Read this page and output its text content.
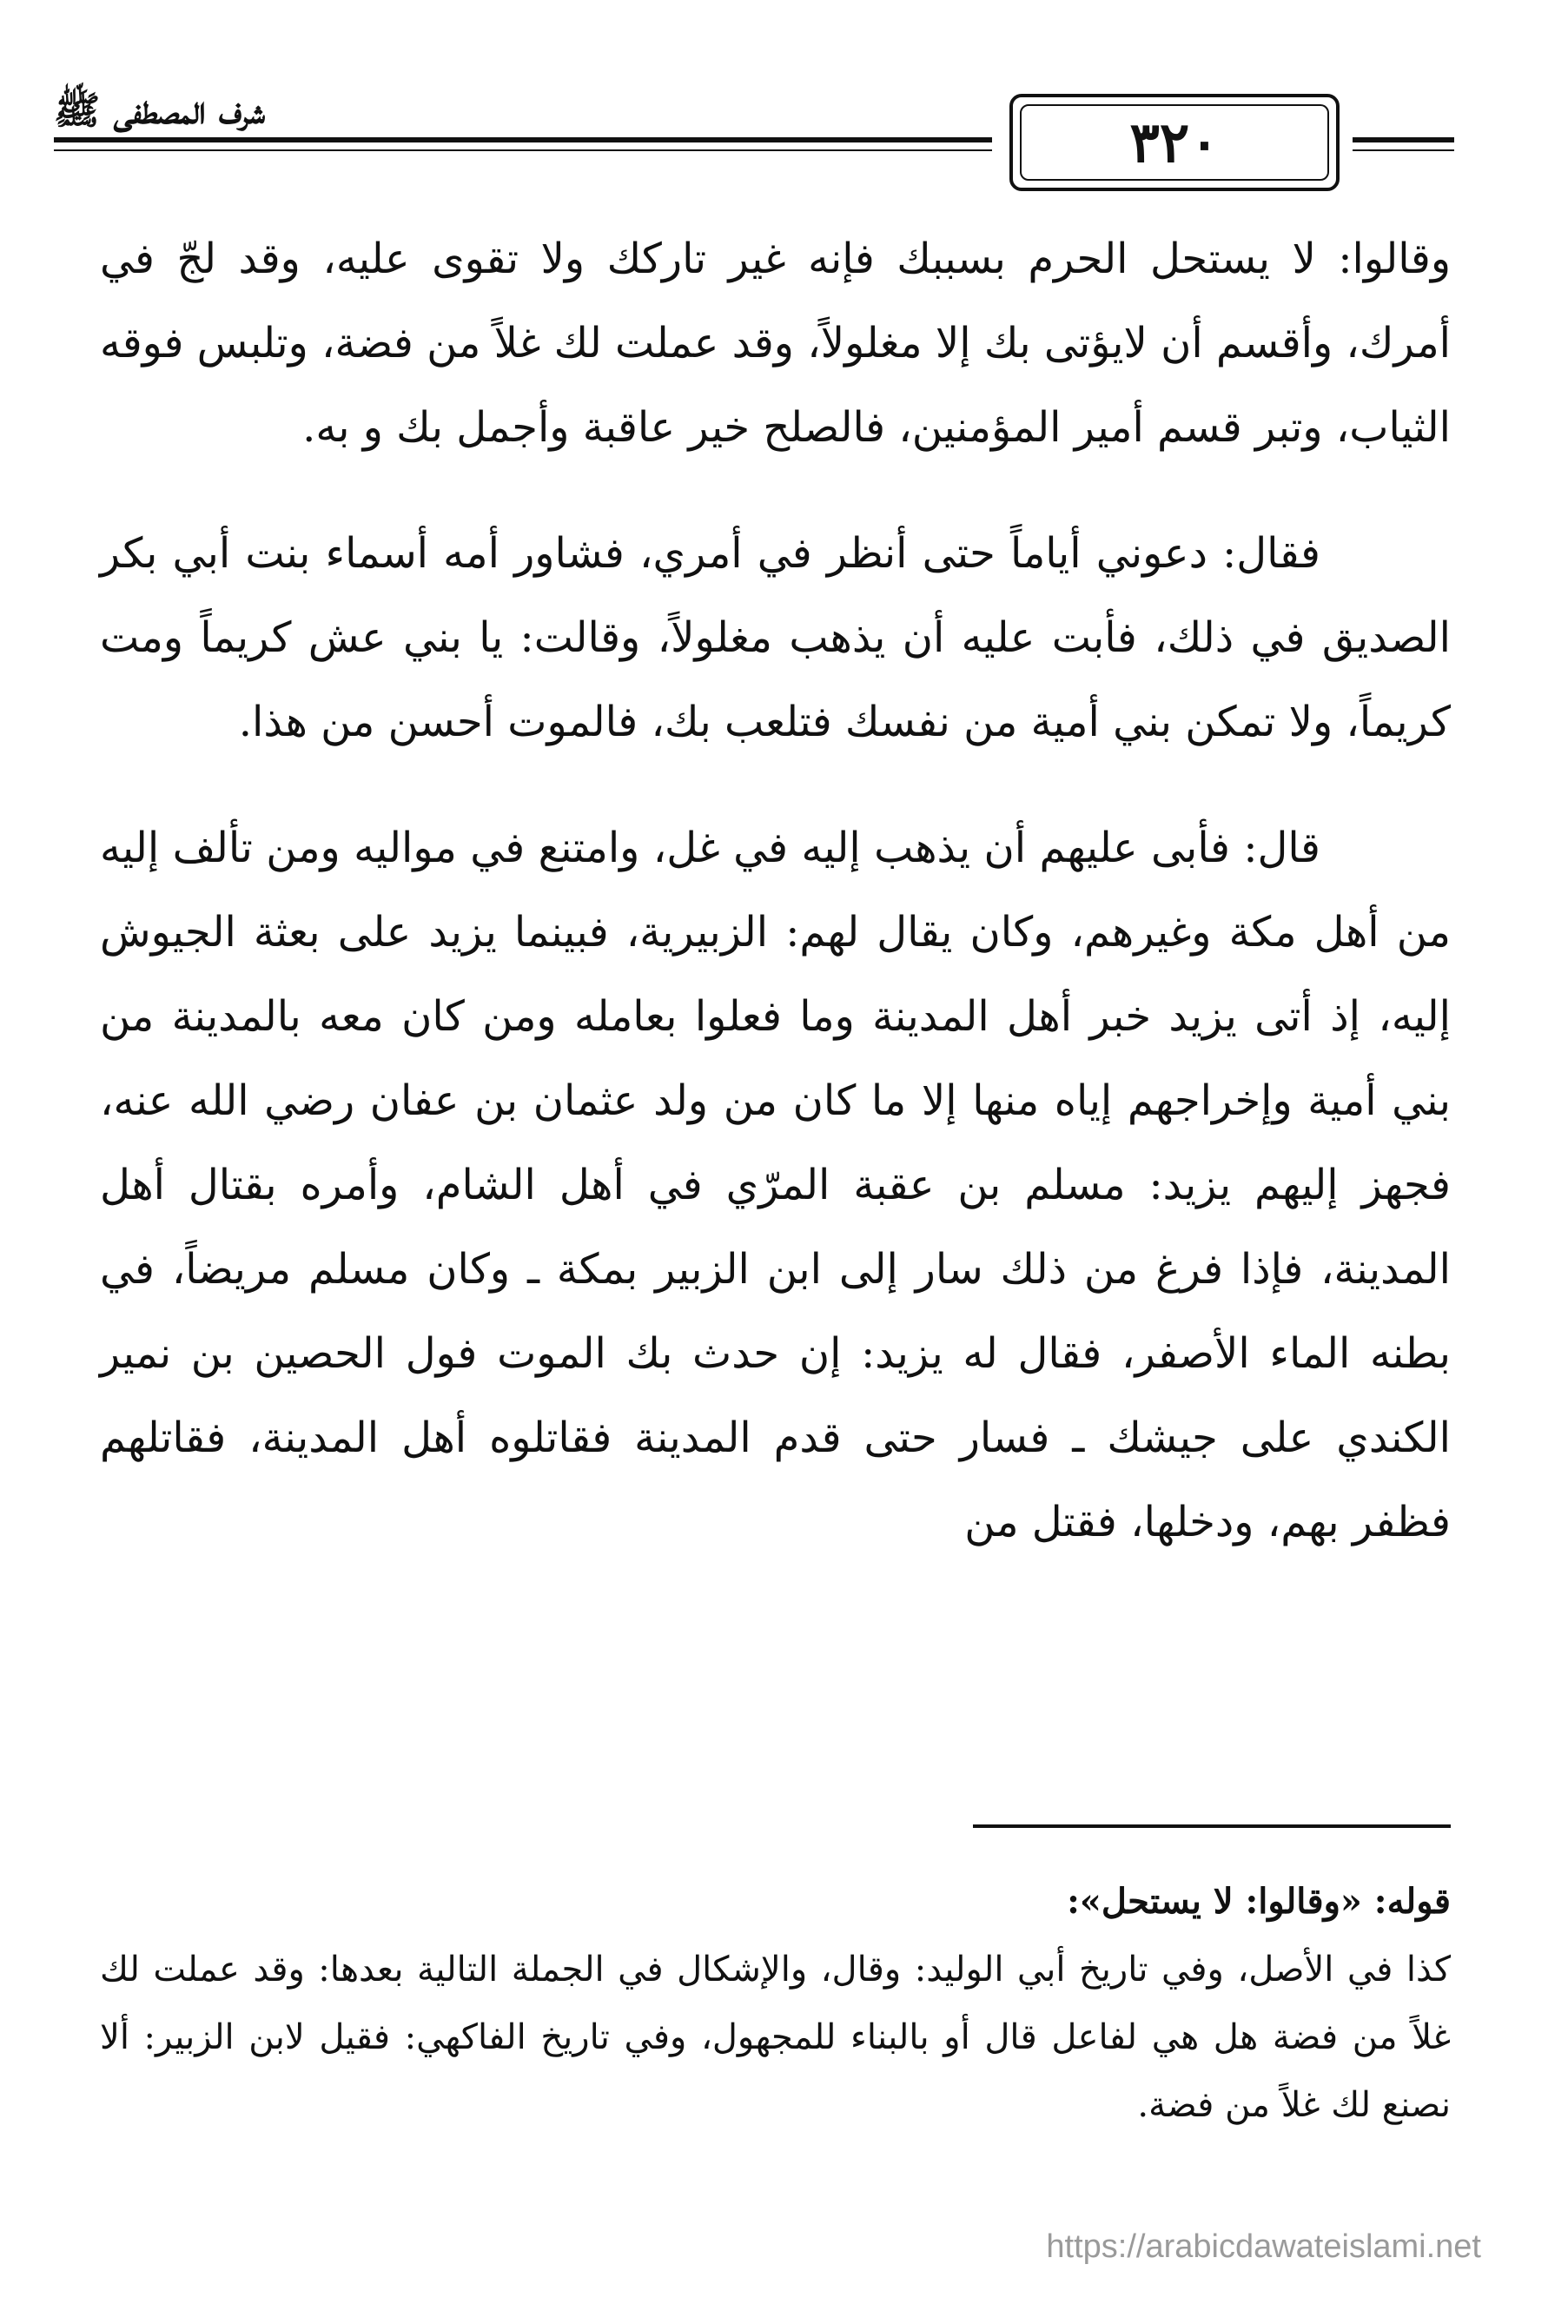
شرف المصطفى ﷺ	٣٢٠

وقالوا: لا يستحل الحرم بسببك فإنه غير تاركك ولا تقوى عليه، وقد لجّ في أمرك، وأقسم أن لايؤتى بك إلا مغلولاً، وقد عملت لك غلاً من فضة، وتلبس فوقه الثياب، وتبر قسم أمير المؤمنين، فالصلح خير عاقبة وأجمل بك و به.

فقال: دعوني أياماً حتى أنظر في أمري، فشاور أمه أسماء بنت أبي بكر الصديق في ذلك، فأبت عليه أن يذهب مغلولاً، وقالت: يا بني عش كريماً ومت كريماً، ولا تمكن بني أمية من نفسك فتلعب بك، فالموت أحسن من هذا.

قال: فأبى عليهم أن يذهب إليه في غل، وامتنع في مواليه ومن تألف إليه من أهل مكة وغيرهم، وكان يقال لهم: الزبيرية، فبينما يزيد على بعثة الجيوش إليه، إذ أتى يزيد خبر أهل المدينة وما فعلوا بعامله ومن كان معه بالمدينة من بني أمية وإخراجهم إياه منها إلا ما كان من ولد عثمان بن عفان رضي الله عنه، فجهز إليهم يزيد: مسلم بن عقبة المرّي في أهل الشام، وأمره بقتال أهل المدينة، فإذا فرغ من ذلك سار إلى ابن الزبير بمكة ـ وكان مسلم مريضاً، في بطنه الماء الأصفر، فقال له يزيد: إن حدث بك الموت فول الحصين بن نمير الكندي على جيشك ـ فسار حتى قدم المدينة فقاتلوه أهل المدينة، فقاتلهم فظفر بهم، ودخلها، فقتل من

قوله: «وقالوا: لا يستحل»:

كذا في الأصل، وفي تاريخ أبي الوليد: وقال، والإشكال في الجملة التالية بعدها: وقد عملت لك غلاً من فضة هل هي لفاعل قال أو بالبناء للمجهول، وفي تاريخ الفاكهي: فقيل لابن الزبير: ألا نصنع لك غلاً من فضة.

https://arabicdawateislami.net
